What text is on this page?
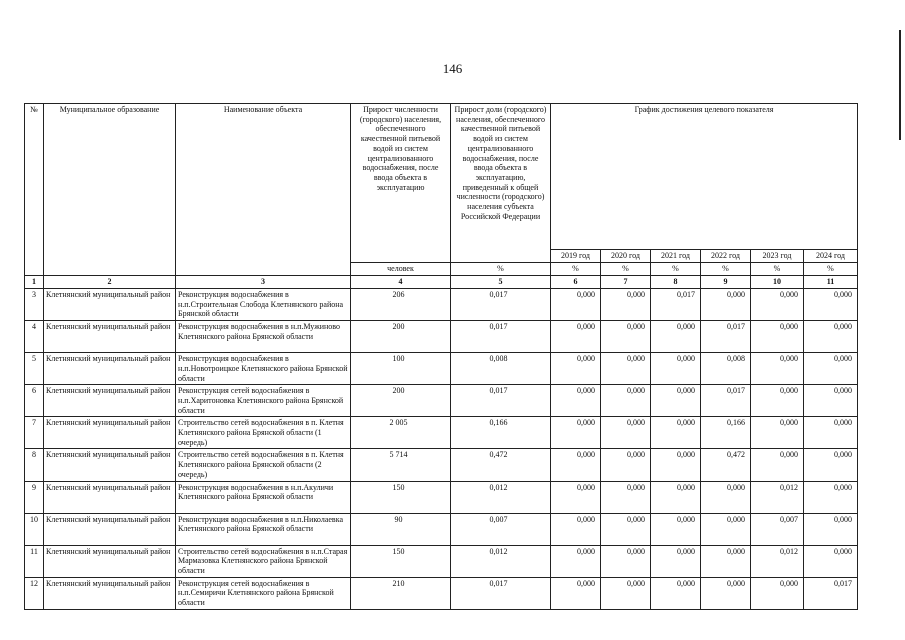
146
№	Муниципальное образование	Наименование объекта	Прирост численности (городского) населения, обеспеченного качественной питьевой водой из систем централизованного водоснабжения, после ввода объекта в эксплуатацию	Прирост доли (городского) населения, обеспеченного качественной питьевой водой из систем централизованного водоснабжения, после ввода объекта в эксплуатацию, приведенный к общей численности (городского) населения субъекта Российской Федерации	График достижения целевого показателя					
					2019 год	2020 год	2021 год	2022 год	2023 год	2024 год
			человек	%	%	%	%	%	%	%
1	2	3	4	5	6	7	8	9	10	11
3	Клетнянский муниципальный район	Реконструкция водоснабжения в н.п.Строительная Слобода Клетнянского района Брянской области	206	0,017	0,000	0,000	0,017	0,000	0,000	0,000
4	Клетнянский муниципальный район	Реконструкция водоснабжения в н.п.Мужиново Клетнянского района Брянской области	200	0,017	0,000	0,000	0,000	0,017	0,000	0,000
5	Клетнянский муниципальный район	Реконструкция водоснабжения в н.п.Новотроицкое Клетнянского района Брянской области	100	0,008	0,000	0,000	0,000	0,008	0,000	0,000
6	Клетнянский муниципальный район	Реконструкция сетей водоснабжения в н.п.Харитоновка Клетнянского района Брянской области	200	0,017	0,000	0,000	0,000	0,017	0,000	0,000
7	Клетнянский муниципальный район	Строительство сетей водоснабжения в п. Клетня Клетнянского района Брянской области (1 очередь)	2 005	0,166	0,000	0,000	0,000	0,166	0,000	0,000
8	Клетнянский муниципальный район	Строительство сетей водоснабжения в п. Клетня Клетнянского района Брянской области (2 очередь)	5 714	0,472	0,000	0,000	0,000	0,472	0,000	0,000
9	Клетнянский муниципальный район	Реконструкция водоснабжения в н.п.Акуличи Клетнянского района Брянской области	150	0,012	0,000	0,000	0,000	0,000	0,012	0,000
10	Клетнянский муниципальный район	Реконструкция водоснабжения в н.п.Николаевка Клетнянского района Брянской области	90	0,007	0,000	0,000	0,000	0,000	0,007	0,000
11	Клетнянский муниципальный район	Строительство сетей водоснабжения в н.п.Старая Мармазовка Клетнянского района Брянской области	150	0,012	0,000	0,000	0,000	0,000	0,012	0,000
12	Клетнянский муниципальный район	Реконструкция сетей водоснабжения в н.п.Семиричи Клетнянского района Брянской области	210	0,017	0,000	0,000	0,000	0,000	0,000	0,017
